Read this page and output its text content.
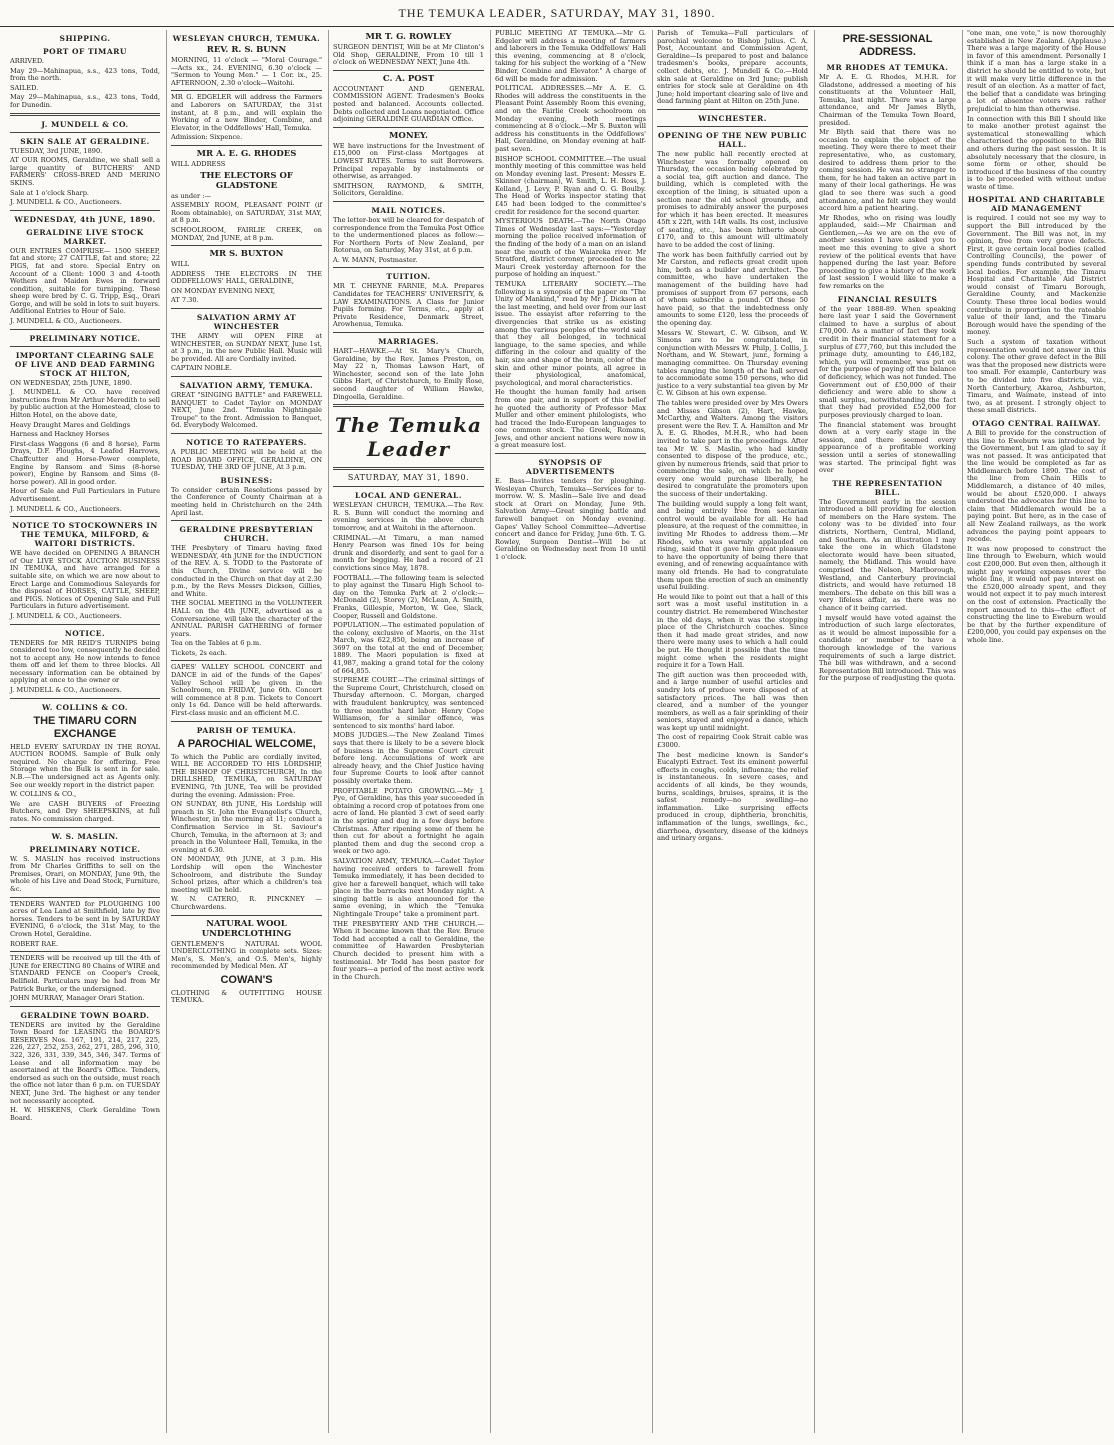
THE TEMUKA LEADER, SATURDAY, MAY 31, 1890.
SHIPPING.
PORT OF TIMARU

ARRIVED.

May 29—Mahinapua, s.s., 423 tons, Todd, from the north.

SAILED.

May 29—Mahinapua, s.s., 423 tons, Todd, for Dunedin.

J. MUNDELL & CO.
SKIN SALE AT GERALDINE.

TUESDAY, 3rd JUNE, 1890.

AT OUR ROOMS, Geraldine, we shall sell a large quantity of BUTCHERS' AND FARMERS' CROSS-BRED AND MERINO SKINS.

Sale at 1 o'clock Sharp.

J. MUNDELL & CO., Auctioneers.

WEDNESDAY, 4th JUNE, 1890.
GERALDINE LIVE STOCK MARKET.

OUR ENTRIES COMPRISE— 1500 SHEEP, fat and store; 27 CATTLE, fat and store; 22 PIGS, fat and store. Special Entry on Account of a Client: 1000 3 and 4-tooth Wethers and Maiden Ewes in forward condition, suitable for turnipping. These sheep were bred by C. G. Tripp, Esq., Orari Gorge, and will be sold in lots to suit buyers. Additional Entries to Hour of Sale.

J. MUNDELL & CO., Auctioneers.

PRELIMINARY NOTICE.
IMPORTANT CLEARING SALE OF LIVE AND DEAD FARMING STOCK AT HILTON,

ON WEDNESDAY, 25th JUNE, 1890.

J. MUNDELL & CO. have received instructions from Mr Arthur Meredith to sell by public auction at the Homestead, close to Hilton Hotel, on the above date,

Heavy Draught Mares and Geldings

Harness and Hackney Horses

First-class Waggons (6 and 8 horse), Farm Drays, D.F. Ploughs, 4 Leafed Harrows, Chaffcutter and Horse-Power complete, Engine by Ransom and Sims (8-horse power), Engine by Ransom and Sims (8-horse power). All in good order.

Hour of Sale and Full Particulars in Future Advertisement.

J. MUNDELL & CO., Auctioneers.

NOTICE TO STOCKOWNERS IN THE TEMUKA, MILFORD, & WAITORI DISTRICTS.

WE have decided on OPENING A BRANCH of Our LIVE STOCK AUCTION BUSINESS IN TEMUKA, and have arranged for a suitable site, on which we are now about to Erect Large and Commodious Saleyards for the disposal of HORSES, CATTLE, SHEEP, and PIGS. Notices of Opening Sale and Full Particulars in future advertisement.

J. MUNDELL & CO., Auctioneers.

NOTICE.

TENDERS for MR REID'S TURNIPS being considered too low, consequently he decided not to accept any. He now intends to fence them off and let them to three blocks. All necessary information can be obtained by applying at once to the owner or

J. MUNDELL & CO., Auctioneers.

W. COLLINS & CO.
THE TIMARU CORN EXCHANGE

HELD EVERY SATURDAY IN THE ROYAL AUCTION ROOMS. Sample of Bulk only required. No charge for offering. Free Storage when the Bulk is sent in for sale. N.B.—The undersigned act as Agents only. See our weekly report in the district paper.

W. COLLINS & CO.,

We are CASH BUYERS of Freezing Butchers, and Dry SHEEPSKINS, at full rates. No commission charged.

W. S. MASLIN.
PRELIMINARY NOTICE.

W. S. MASLIN has received instructions from Mr Charles Griffiths to sell on the Premises, Orari, on MONDAY, June 9th, the whole of his Live and Dead Stock, Furniture, &c.

TENDERS WANTED for PLOUGHING 100 acres of Lea Land at Smithfield, late by five horses. Tenders to be sent in by SATURDAY EVENING, 6 o'clock, the 31st May, to the Crown Hotel, Geraldine.

ROBERT RAE.

TENDERS will be received up till the 4th of JUNE for ERECTING 80 Chains of WIRE and STANDARD FENCE on Cooper's Creek, Bellfield. Particulars may be had from Mr Patrick Burke, or the undersigned.

JOHN MURRAY, Manager Orari Station.

GERALDINE TOWN BOARD.

TENDERS are invited by the Geraldine Town Board for LEASING the BOARD'S RESERVES Nos. 167, 191, 214, 217, 225, 226, 227, 252, 253, 262, 271, 285, 296, 310, 322, 326, 331, 339, 345, 346, 347. Terms of Lease and all information may be ascertained at the Board's Office. Tenders, endorsed as such on the outside, must reach the office not later than 6 p.m. on TUESDAY NEXT, June 3rd. The highest or any tender not necessarily accepted.

H. W. HISKENS, Clerk Geraldine Town Board.

WESLEYAN CHURCH, TEMUKA.
REV. R. S. BUNN

MORNING, 11 o'clock — "Moral Courage." —Acts xx., 24. EVENING, 6.30 o'clock — "Sermon to Young Men." — 1 Cor. ix., 25. AFTERNOON, 2.30 o'clock—Waitohi.

MR G. EDGELER will address the Farmers and Laborers on SATURDAY, the 31st instant, at 8 p.m., and will explain the Working of a new Binder, Combine, and Elevator, in the Oddfellows' Hall, Temuka.

Admission: Sixpence.

MR A. E. G. RHODES

WILL ADDRESS

THE ELECTORS OF GLADSTONE

as under :—

ASSEMBLY ROOM, PLEASANT POINT (if Room obtainable), on SATURDAY, 31st MAY, at 8 p.m.

SCHOOLROOM, FAIRLIE CREEK, on MONDAY, 2nd JUNE, at 8 p.m.

MR S. BUXTON

WILL

ADDRESS THE ELECTORS IN THE ODDFELLOWS' HALL, GERALDINE,

ON MONDAY EVENING NEXT,

AT 7.30.

SALVATION ARMY AT WINCHESTER

THE ARMY will OPEN FIRE at WINCHESTER, on SUNDAY NEXT, June 1st, at 3 p.m., in the new Public Hall. Music will be provided. All are Cordially invited.

CAPTAIN NOBLE.

SALVATION ARMY, TEMUKA.

GREAT "SINGING BATTLE" and FAREWELL BANQUET to Cadet Taylor on MONDAY NEXT, June 2nd. "Temuka Nightingale Troupe" to the front. Admission to Banquet, 6d. Everybody Welcomed.

NOTICE TO RATEPAYERS.

A PUBLIC MEETING will be held at the ROAD BOARD OFFICE, GERALDINE, ON TUESDAY, THE 3RD OF JUNE, At 3 p.m.

BUSINESS:

To consider certain Resolutions passed by the Conference of County Chairman at a meeting held in Christchurch on the 24th April last.

GERALDINE PRESBYTERIAN CHURCH.

THE Presbytery of Timaru having fixed WEDNESDAY, 4th JUNE for the INDUCTION of the REV. A. S. TODD to the Pastorate of this Church, Divine service will be conducted in the Church on that day at 2.30 p.m., by the Revs Messrs Dickson, Gillies, and White.

THE SOCIAL MEETING in the VOLUNTEER HALL on the 4th JUNE, advertised as a Conversazione, will take the character of the ANNUAL PARISH GATHERING of former years.

Tea on the Tables at 6 p.m.

Tickets, 2s each.

GAPES' VALLEY SCHOOL CONCERT and DANCE in aid of the funds of the Gapes' Valley School will be given in the Schoolroom, on FRIDAY, June 6th. Concert will commence at 8 p.m. Tickets to Concert only 1s 6d. Dance will be held afterwards. First-class music and an efficient M.C.

PARISH OF TEMUKA.
A PAROCHIAL WELCOME,

To which the Public are cordially invited, WILL BE ACCORDED TO HIS LORDSHIP, THE BISHOP OF CHRISTCHURCH, In the DRILLSHED, TEMUKA, on SATURDAY EVENING, 7th JUNE, Tea will be provided during the evening. Admission: Free.

ON SUNDAY, 8th JUNE, His Lordship will preach in St. John the Evangelist's Church, Winchester, in the morning at 11; conduct a Confirmation Service in St. Saviour's Church, Temuka, in the afternoon at 3; and preach in the Volunteer Hall, Temuka, in the evening at 6.30.

ON MONDAY, 9th JUNE, at 3 p.m. His Lordship will open the Winchester Schoolroom, and distribute the Sunday School prizes, after which a children's tea meeting will be held.

W. N. CATERO, R. PINCKNEY — Churchwardens.

NATURAL WOOL UNDERCLOTHING

GENTLEMEN'S NATURAL WOOL UNDERCLOTHING in complete sets. Sizes: Men's, S. Men's, and O.S. Men's, highly recommended by Medical Men. AT

COWAN'S

CLOTHING & OUTFITTING HOUSE TEMUKA.

MR T. G. ROWLEY

SURGEON DENTIST, Will be at Mr Clinton's Old Shop, GERALDINE, From 10 till 1 o'clock on WEDNESDAY NEXT, June 4th.

C. A. POST

ACCOUNTANT AND GENERAL COMMISSION AGENT. Tradesmen's Books posted and balanced. Accounts collected. Debts collected and Loans negotiated. Office adjoining GERALDINE GUARDIAN Office.

MONEY.

WE have instructions for the Investment of £15,000 on First-class Mortgages at LOWEST RATES. Terms to suit Borrowers. Principal repayable by instalments or otherwise, as arranged.

SMITHSON, RAYMOND, & SMITH, Solicitors, Geraldine.

MAIL NOTICES.

The letter-box will be cleared for despatch of correspondence from the Temuka Post Office to the undermentioned places as follow:— For Northern Ports of New Zealand, per Rotorua, on Saturday, May 31st, at 6 p.m.

A. W. MANN, Postmaster.

TUITION.

MR T. CHEYNE FARNIE, M.A. Prepares Candidates for TEACHERS' UNIVERSITY, & LAW EXAMINATIONS. A Class for Junior Pupils forming. For Terms, etc., apply at Private Residence, Denmark Street, Arowhenua, Temuka.

MARRIAGES.

HART—HAWKE.—At St. Mary's Church, Geraldine, by the Rev. James Preston, on May 22 n, Thomas Lawson Hart, of Winchester, second son of the late John Gibbs Hart, of Christchurch, to Emily Rose, second daughter of William Hawke, Dingoella, Geraldine.

The Temuka Leader
SATURDAY, MAY 31, 1890.
LOCAL AND GENERAL.

WESLEYAN CHURCH, TEMUKA.—The Rev. R. S. Bunn will conduct the morning and evening services in the above church tomorrow, and at Waitohi in the afternoon.

CRIMINAL.—At Timaru, a man named Henry Pearson was fined 10s for being drunk and disorderly, and sent to gaol for a month for begging. He had a record of 21 convictions since May, 1878.

FOOTBALL.—The following team is selected to play against the Timaru High School to-day on the Temuka Park at 2 o'clock:—McDonald (2), Storey (2), McLean, A. Smith, Franks, Gillespie, Morton, W. Gee, Slack, Cooper, Russell and Goldstone.

POPULATION.—The estimated population of the colony, exclusive of Maoris, on the 31st March, was 622,850, being an increase of 3697 on the total at the end of December, 1889. The Maori population is fixed at 41,987, making a grand total for the colony of 664,855.

SUPREME COURT.—The criminal sittings of the Supreme Court, Christchurch, closed on Thursday afternoon. C. Morgan, charged with fraudulent bankruptcy, was sentenced to three months' hard labor. Henry Cope Williamson, for a similar offence, was sentenced to six months' hard labor.

MOBS JUDGES.—The New Zealand Times says that there is likely to be a severe block of business in the Supreme Court circuit before long. Accumulations of work are already heavy, and the Chief Justice having four Supreme Courts to look after cannot possibly overtake them.

PROFITABLE POTATO GROWING.—Mr J. Pye, of Geraldine, has this year succeeded in obtaining a record crop of potatoes from one acre of land. He planted 3 cwt of seed early in the spring and dug in a few days before Christmas. After ripening some of them he then cut for about a fortnight he again planted them and dug the second crop a week or two ago.

SALVATION ARMY, TEMUKA.—Cadet Taylor having received orders to farewell from Temuka immediately, it has been decided to give her a farewell banquet, which will take place in the barracks next Monday night. A singing battle is also announced for the same evening, in which the "Temuka Nightingale Troupe" take a prominent part.

THE PRESBYTERY AND THE CHURCH.—When it became known that the Rev. Bruce Todd had accepted a call to Geraldine, the committee of Hawarden Presbyterian Church decided to present him with a testimonial. Mr Todd has been pastor for four years—a period of the most active work in the Church.

PUBLIC MEETING AT TEMUKA.—Mr G. Edgeler will address a meeting of farmers and laborers in the Temuka Oddfellows' Hall this evening, commencing at 8 o'clock, taking for his subject the working of a "New Binder, Combine and Elevator." A charge of 6d will be made for admission.

POLITICAL ADDRESSES.—Mr A. E. G. Rhodes will address the constituents in the Pleasant Point Assembly Room this evening, and on the Fairlie Creek schoolroom on Monday evening, both meetings commencing at 8 o'clock.—Mr S. Buxton will address his constituents in the Oddfellows' Hall, Geraldine, on Monday evening at half-past seven.

BISHOP SCHOOL COMMITTEE.—The usual monthly meeting of this committee was held on Monday evening last. Present: Messrs E. Skinner (chairman), W. Smith, L. H. Ross, J. Kelland, J. Levy, P. Ryan and O. G. Boulby. The Head of Works inspector stating that £45 had been lodged to the committee's credit for residence for the second quarter.

MYSTERIOUS DEATH.—The North Otago Times of Wednesday last says:—"Yesterday morning the police received information of the finding of the body of a man on an island near the mouth of the Waiareka river. Mr Stratford, district coroner, proceeded to the Mauri Creek yesterday afternoon for the purpose of holding an inquest."

TEMUKA LITERARY SOCIETY.—The following is a synopsis of the paper on "The Unity of Mankind," read by Mr J. Dickson at the last meeting, and held over from our last issue. The essayist after referring to the divergencies that strike us as existing among the various peoples of the world said that they all belonged, in technical language, to the same species, and while differing in the colour and quality of the hair, size and shape of the brain, color of the skin and other minor points, all agree in their physiological, anatomical, psychological, and moral characteristics.

He thought the human family had arisen from one pair, and in support of this belief he quoted the authority of Professor Max Muller and other eminent philologists, who had traced the Indo-European languages to one common stock. The Greek, Romans, Jews, and other ancient nations were now in a great measure lost.

SYNOPSIS OF ADVERTISEMENTS

E. Bass—Invites tenders for ploughing. Wesleyan Church, Temuka—Services for to-morrow. W. S. Maslin—Sale live and dead stock at Orari on Monday, June 9th. Salvation Army—Great singing battle and farewell banquet on Monday evening. Gapes' Valley School Committee—Advertise concert and dance for Friday, June 6th. T. G. Rowley, Surgeon Dentist—Will be at Geraldine on Wednesday next from 10 until 1 o'clock.

Parish of Temuka—Full particulars of parochial welcome to Bishop Julius. C. A. Post, Accountant and Commission Agent, Geraldine—Is prepared to post and balance tradesmen's books, prepare accounts, collect debts, etc. J. Mundell & Co.—Hold skin sale at Geraldine on 3rd June; publish entries for stock sale at Geraldine on 4th June; hold important clearing sale of live and dead farming plant at Hilton on 25th June.

WINCHESTER.
OPENING OF THE NEW PUBLIC HALL.

The new public hall recently erected at Winchester was formally opened on Thursday, the occasion being celebrated by a social tea, gift auction and dance. The building, which is completed with the exception of the lining, is situated upon a section near the old school grounds, and promises to admirably answer the purposes for which it has been erected. It measures 45ft x 22ft, with 14ft walls. Its cost, inclusive of seating, etc., has been hitherto about £170, and to this amount will ultimately have to be added the cost of lining.

The work has been faithfully carried out by Mr Carston, and reflects great credit upon him, both as a builder and architect. The committee, who have undertaken the management of the building have had promises of support from 67 persons, each of whom subscribe a pound. Of these 50 have paid, so that the indebtedness only amounts to some £120, less the proceeds of the opening day.

Messrs W. Stewart, C. W. Gibson, and W. Simons are to be congratulated, in conjunction with Messrs W. Philp, J. Collis, J. Northam, and W. Stewart, junr., forming a managing committee. On Thursday evening tables ranging the length of the hall served to accommodate some 150 persons, who did justice to a very substantial tea given by Mr C. W. Gibson at his own expense.

The tables were presided over by Mrs Owers and Misses Gibson (2), Hart, Hawke, McCarthy, and Walters. Among the visitors present were the Rev. T. A. Hamilton and Mr A. E. G. Rhodes, M.H.R., who had been invited to take part in the proceedings. After tea Mr W. S. Maslin, who had kindly consented to dispose of the produce, etc., given by numerous friends, said that prior to commencing the sale, on which he hoped every one would purchase liberally, he desired to congratulate the promoters upon the success of their undertaking.

The building would supply a long felt want, and being entirely free from sectarian control would be available for all. He had pleasure, at the request of the committee, in inviting Mr Rhodes to address them.—Mr Rhodes, who was warmly applauded on rising, said that it gave him great pleasure to have the opportunity of being there that evening, and of renewing acquaintance with many old friends. He had to congratulate them upon the erection of such an eminently useful building.

He would like to point out that a hall of this sort was a most useful institution in a country district. He remembered Winchester in the old days, when it was the stopping place of the Christchurch coaches. Since then it had made great strides, and now there were many uses to which a hall could be put. He thought it possible that the time might come when the residents might require it for a Town Hall.

The gift auction was then proceeded with, and a large number of useful articles and sundry lots of produce were disposed of at satisfactory prices. The hall was then cleared, and a number of the younger members, as well as a fair sprinkling of their seniors, stayed and enjoyed a dance, which was kept up until midnight.

The cost of repairing Cook Strait cable was £3000.

The best medicine known is Sander's Eucalypti Extract. Test its eminent powerful effects in coughs, colds, influenza; the relief is instantaneous. In severe cases, and accidents of all kinds, be they wounds, burns, scaldings, bruises, sprains, it is the safest remedy—no swelling—no inflammation. Like surprising effects produced in croup, diphtheria, bronchitis, inflammation of the lungs, swellings, &c., diarrhoea, dysentery, disease of the kidneys and urinary organs.

PRE-SESSIONAL ADDRESS.
MR RHODES AT TEMUKA.

Mr A. E. G. Rhodes, M.H.R. for Gladstone, addressed a meeting of his constituents at the Volunteer Hall, Temuka, last night. There was a large attendance, and Mr James Blyth, Chairman of the Temuka Town Board, presided.

Mr Blyth said that there was no occasion to explain the object of the meeting. They were there to meet their representative, who, as customary, desired to address them prior to the coming session. He was no stranger to them, for he had taken an active part in many of their local gatherings. He was glad to see there was such a good attendance, and he felt sure they would accord him a patient hearing.

Mr Rhodes, who on rising was loudly applauded, said:—Mr Chairman and Gentlemen,—As we are on the eve of another session I have asked you to meet me this evening to give a short review of the political events that have happened during the last year. Before proceeding to give a history of the work of last session I would like to make a few remarks on the

FINANCIAL RESULTS

of the year 1888-89. When speaking here last year I said the Government claimed to have a surplus of about £70,000. As a matter of fact they took credit in their financial statement for a surplus of £77,760, but this included the primage duty, amounting to £46,182, which, you will remember, was put on for the purpose of paying off the balance of deficiency, which was not funded. The Government out of £50,000 of their deficiency and were able to show a small surplus, notwithstanding the fact that they had provided £52,000 for purposes previously charged to loan.

The financial statement was brought down at a very early stage in the session, and there seemed every appearance of a profitable working session until a series of stonewalling was started. The principal fight was over

THE REPRESENTATION BILL.

The Government early in the session introduced a bill providing for election of members on the Hare system. The colony was to be divided into four districts, Northern, Central, Midland, and Southern. As an illustration I may take the one in which Gladstone electorate would have been situated, namely, the Midland. This would have comprised the Nelson, Marlborough, Westland, and Canterbury provincial districts, and would have returned 18 members. The debate on this bill was a very lifeless affair, as there was no chance of it being carried.

I myself would have voted against the introduction of such large electorates, as it would be almost impossible for a candidate or member to have a thorough knowledge of the various requirements of such a large district. The bill was withdrawn, and a second Representation Bill introduced. This was for the purpose of readjusting the quota.

"one man, one vote," is now thoroughly established in New Zealand. (Applause.) There was a large majority of the House in favor of this amendment. Personally I think if a man has a large stake in a district he should be entitled to vote, but it will make very little difference in the result of an election. As a matter of fact, the belief that a candidate was bringing a lot of absentee voters was rather prejudicial to him than otherwise.

In connection with this Bill I should like to make another protest against the systematical stonewalling which characterised the opposition to the Bill and others during the past session. It is absolutely necessary that the closure, in some form or other, should be introduced if the business of the country is to be proceeded with without undue waste of time.

HOSPITAL AND CHARITABLE AID MANAGEMENT

is required. I could not see my way to support the Bill introduced by the Government. The Bill was not, in my opinion, free from very grave defects. First, it gave certain local bodies (called Controlling Councils), the power of spending funds contributed by several local bodies. For example, the Timaru Hospital and Charitable Aid District would consist of Timaru Borough, Geraldine County, and Mackenzie County. These three local bodies would contribute in proportion to the rateable value of their land, and the Timaru Borough would have the spending of the money.

Such a system of taxation without representation would not answer in this colony. The other grave defect in the Bill was that the proposed new districts were too small. For example, Canterbury was to be divided into five districts, viz., North Canterbury, Akaroa, Ashburton, Timaru, and Waimate, instead of into two, as at present. I strongly object to these small districts.

OTAGO CENTRAL RAILWAY.

A Bill to provide for the construction of this line to Eweburn was introduced by the Government, but I am glad to say it was not passed. It was anticipated that the line would be completed as far as Middlemarch before 1890. The cost of the line from Chain Hills to Middlemarch, a distance of 40 miles, would be about £520,000. I always understood the advocates for this line to claim that Middlemarch would be a paying point. But here, as in the case of all New Zealand railways, as the work advances the paying point appears to recede.

It was now proposed to construct the line through to Eweburn, which would cost £200,000. But even then, although it might pay working expenses over the whole line, it would not pay interest on the £520,000 already spent, and they would not expect it to pay much interest on the cost of extension. Practically the report amounted to this—the effect of constructing the line to Eweburn would be that by the further expenditure of £200,000, you could pay expenses on the whole line.
